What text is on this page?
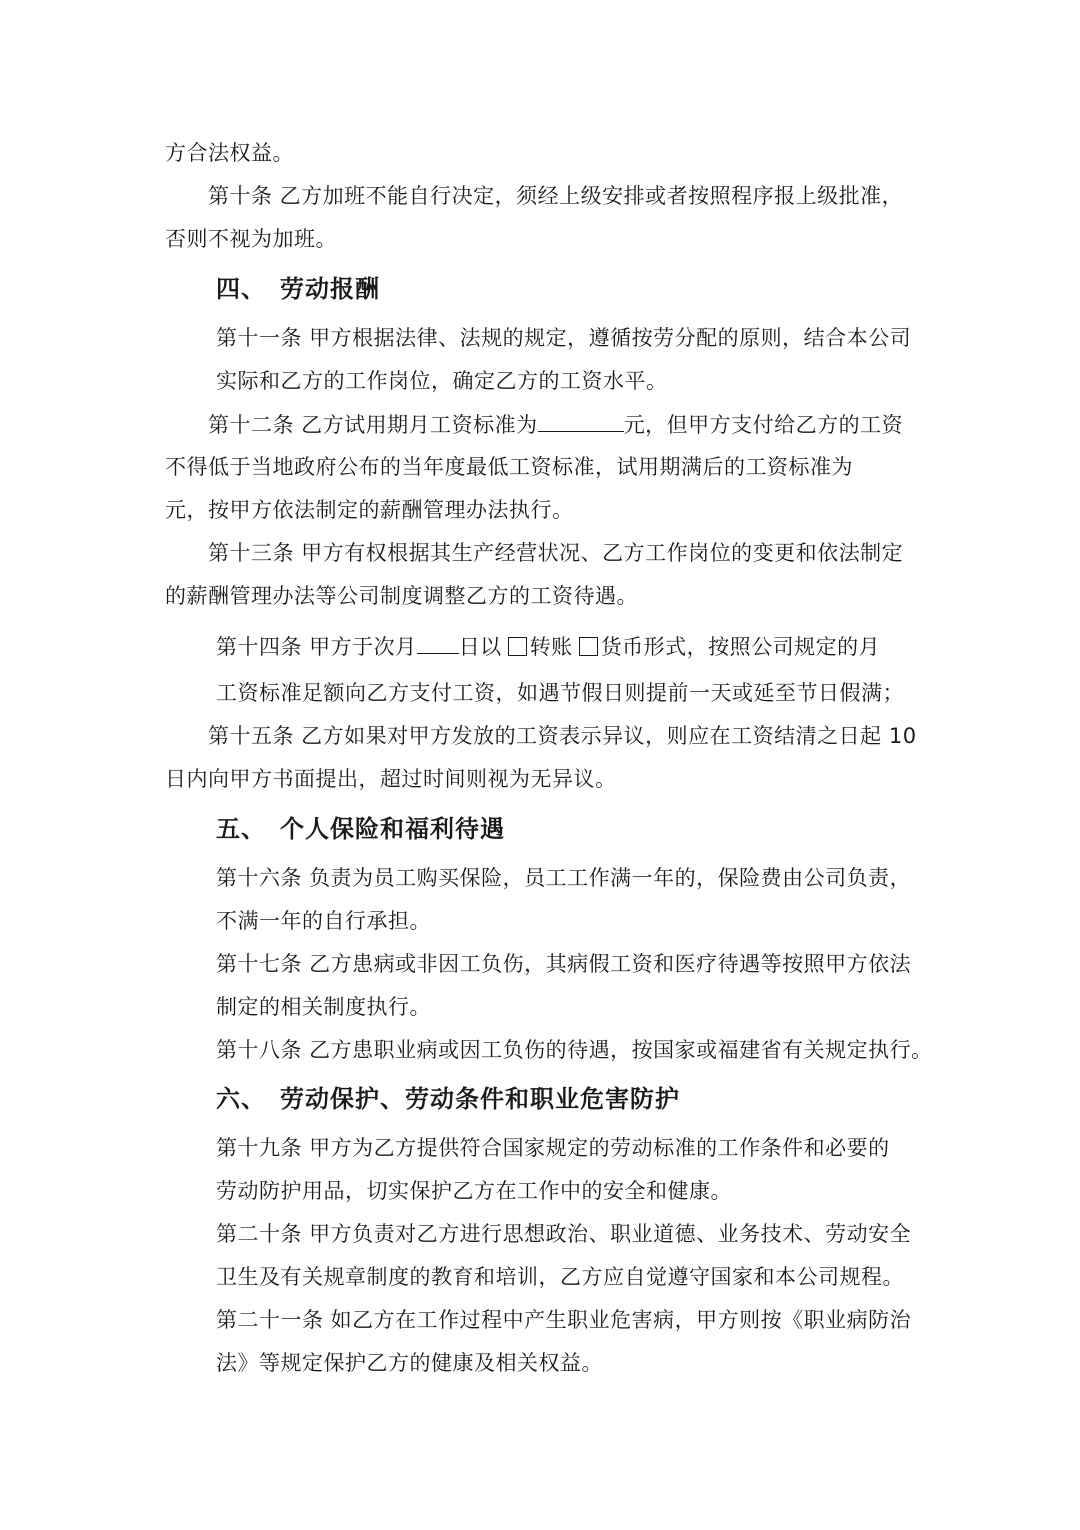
方合法权益。
第十条 乙方加班不能自行决定，须经上级安排或者按照程序报上级批准，
否则不视为加班。
四、 劳动报酬
第十一条 甲方根据法律、法规的规定，遵循按劳分配的原则，结合本公司
实际和乙方的工作岗位，确定乙方的工资水平。
第十二条 乙方试用期月工资标准为	元，但甲方支付给乙方的工资
不得低于当地政府公布的当年度最低工资标准，试用期满后的工资标准为
元，按甲方依法制定的薪酬管理办法执行。
第十三条 甲方有权根据其生产经营状况、乙方工作岗位的变更和依法制定
的薪酬管理办法等公司制度调整乙方的工资待遇。
第十四条 甲方于次月 日以 转账 货币形式，按照公司规定的月
工资标准足额向乙方支付工资，如遇节假日则提前一天或延至节日假满；
第十五条 乙方如果对甲方发放的工资表示异议，则应在工资结清之日起 10
日内向甲方书面提出，超过时间则视为无异议。
五、 个人保险和福利待遇
第十六条 负责为员工购买保险，员工工作满一年的，保险费由公司负责，
不满一年的自行承担。
第十七条 乙方患病或非因工负伤，其病假工资和医疗待遇等按照甲方依法
制定的相关制度执行。
第十八条 乙方患职业病或因工负伤的待遇，按国家或福建省有关规定执行。
六、 劳动保护、劳动条件和职业危害防护
第十九条 甲方为乙方提供符合国家规定的劳动标准的工作条件和必要的
劳动防护用品，切实保护乙方在工作中的安全和健康。
第二十条 甲方负责对乙方进行思想政治、职业道德、业务技术、劳动安全
卫生及有关规章制度的教育和培训，乙方应自觉遵守国家和本公司规程。
第二十一条 如乙方在工作过程中产生职业危害病，甲方则按《职业病防治
法》等规定保护乙方的健康及相关权益。
